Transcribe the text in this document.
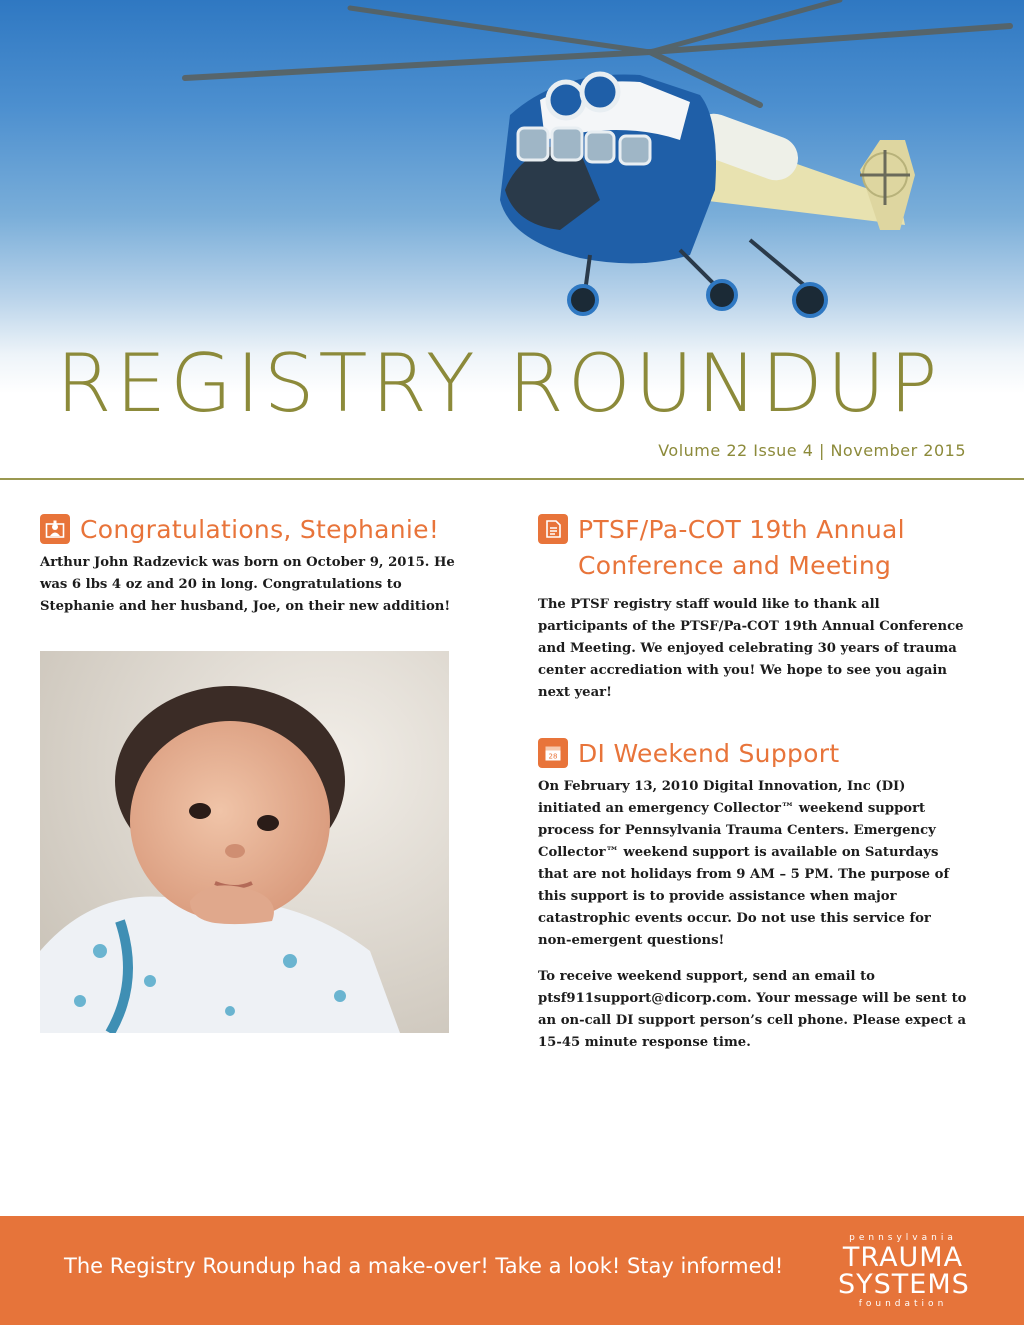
REGISTRY ROUNDUP
Volume 22 Issue 4 | November 2015
Congratulations, Stephanie!

Arthur John Radzevick was born on October 9, 2015. He was 6 lbs 4 oz and 20 in long. Congratulations to Stephanie and her husband, Joe, on their new addition!

PTSF/Pa-COT 19th Annual
Conference and Meeting

The PTSF registry staff would like to thank all participants of the PTSF/Pa-COT 19th Annual Conference and Meeting. We enjoyed celebrating 30 years of trauma center accrediation with you! We hope to see you again next year!

28 DI Weekend Support

On February 13, 2010 Digital Innovation, Inc (DI) initiated an emergency Collector™ weekend support process for Pennsylvania Trauma Centers. Emergency Collector™ weekend support is available on Saturdays that are not holidays from 9 AM – 5 PM. The purpose of this support is to provide assistance when major catastrophic events occur. Do not use this service for non-emergent questions!

To receive weekend support, send an email to ptsf911support@dicorp.com. Your message will be sent to an on-call DI support person’s cell phone. Please expect a 15-45 minute response time.

The Registry Roundup had a make-over! Take a look! Stay informed!
pennsylvania
TRAUMA
SYSTEMS
foundation
